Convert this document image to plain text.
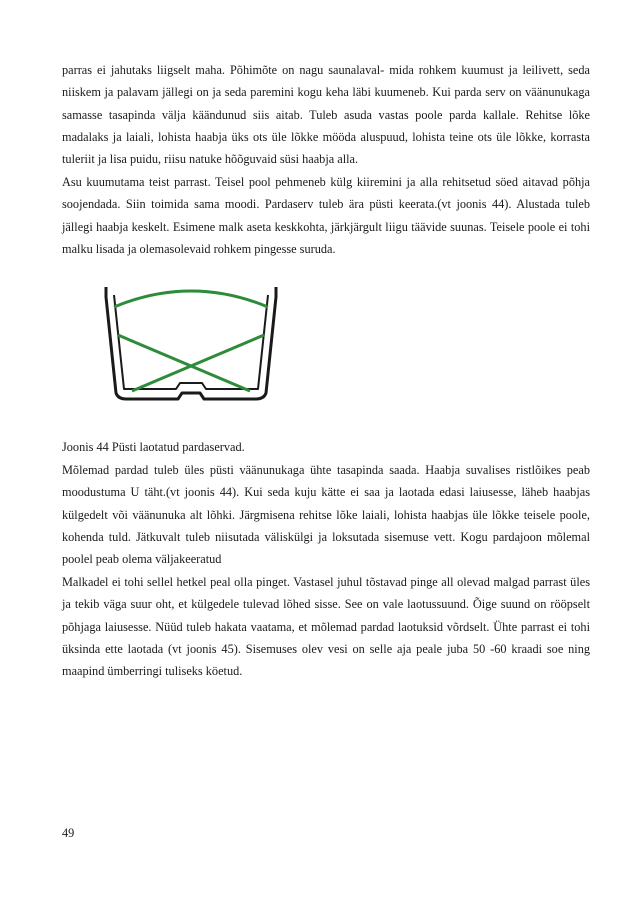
parras ei jahutaks liigselt maha. Põhimõte on nagu saunalaval- mida rohkem kuumust ja leilivett, seda niiskem ja palavam jällegi on ja seda paremini kogu keha läbi kuumeneb. Kui parda serv on väänunukaga samasse tasapinda välja käändunud siis aitab. Tuleb asuda vastas poole parda kallale. Rehitse lõke madalaks ja laiali, lohista haabja üks ots üle lõkke mööda aluspuud, lohista teine ots üle lõkke, korrasta tuleriit ja lisa puidu, riisu natuke hõõguvaid süsi haabja alla.

Asu kuumutama teist parrast. Teisel pool pehmeneb külg kiiremini ja alla rehitsetud söed aitavad põhja soojendada. Siin toimida sama moodi. Pardaserv tuleb ära püsti keerata.(vt joonis 44). Alustada tuleb jällegi haabja keskelt. Esimene malk aseta keskkohta, järkjärgult liigu täävide suunas. Teisele poole ei tohi malku lisada ja olemasolevaid rohkem pingesse suruda.

Joonis 44 Püsti laotatud pardaservad.

Mõlemad pardad tuleb üles püsti väänunukaga ühte tasapinda saada. Haabja suvalises ristlõikes peab moodustuma U täht.(vt joonis 44). Kui seda kuju kätte ei saa ja laotada edasi laiusesse, läheb haabjas külgedelt või väänunuka alt lõhki. Järgmisena rehitse lõke laiali, lohista haabjas üle lõkke teisele poole, kohenda tuld. Jätkuvalt tuleb niisutada väliskülgi ja loksutada sisemuse vett. Kogu pardajoon mõlemal poolel peab olema väljakeeratud

Malkadel ei tohi sellel hetkel peal olla pinget. Vastasel juhul tõstavad pinge all olevad malgad parrast üles ja tekib väga suur oht, et külgedele tulevad lõhed sisse. See on vale laotussuund. Õige suund on rööpselt põhjaga laiusesse. Nüüd tuleb hakata vaatama, et mõlemad pardad laotuksid võrdselt. Ühte parrast ei tohi üksinda ette laotada (vt joonis 45). Sisemuses olev vesi on selle aja peale juba 50 -60 kraadi soe ning maapind ümberringi tuliseks köetud.

49
